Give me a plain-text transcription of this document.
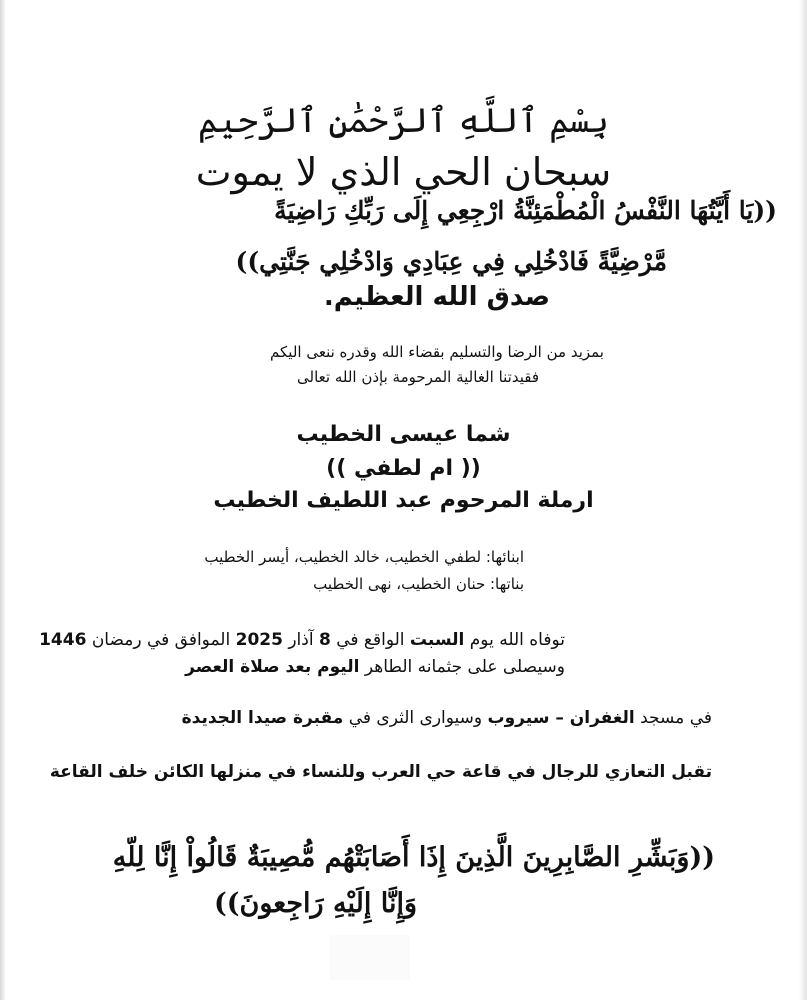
بِسْمِ ٱللَّهِ ٱلرَّحْمَٰنِ ٱلرَّحِيمِ
سبحان الحي الذي لا يموت
((يَا أَيَّتُهَا النَّفْسُ الْمُطْمَئِنَّةُ ارْجِعِي إِلَى رَبِّكِ رَاضِيَةً
مَّرْضِيَّةً فَادْخُلِي فِي عِبَادِي وَادْخُلِي جَنَّتِي))
صدق الله العظيم.
بمزيد من الرضا والتسليم بقضاء الله وقدره ننعى اليكم
فقيدتنا الغالية المرحومة بإذن الله تعالى
شما عيسى الخطيب
(( ام لطفي ))
ارملة المرحوم عبد اللطيف الخطيب
ابنائها: لطفي الخطيب، خالد الخطيب، أيسر الخطيب
بناتها: حنان الخطيب، نهى الخطيب
توفاه الله يوم السبت الواقع في 8 آذار 2025 الموافق في رمضان 1446
وسيصلى على جثمانه الطاهر اليوم بعد صلاة العصر
في مسجد الغفران – سيروب وسيوارى الثرى في مقبرة صيدا الجديدة
تقبل التعازي للرجال في قاعة حي العرب وللنساء في منزلها الكائن خلف القاعة
((وَبَشِّرِ الصَّابِرِينَ الَّذِينَ إِذَا أَصَابَتْهُم مُّصِيبَةٌ قَالُواْ إِنَّا لِلّهِ
وَإِنَّا إِلَيْهِ رَاجِعونَ))
